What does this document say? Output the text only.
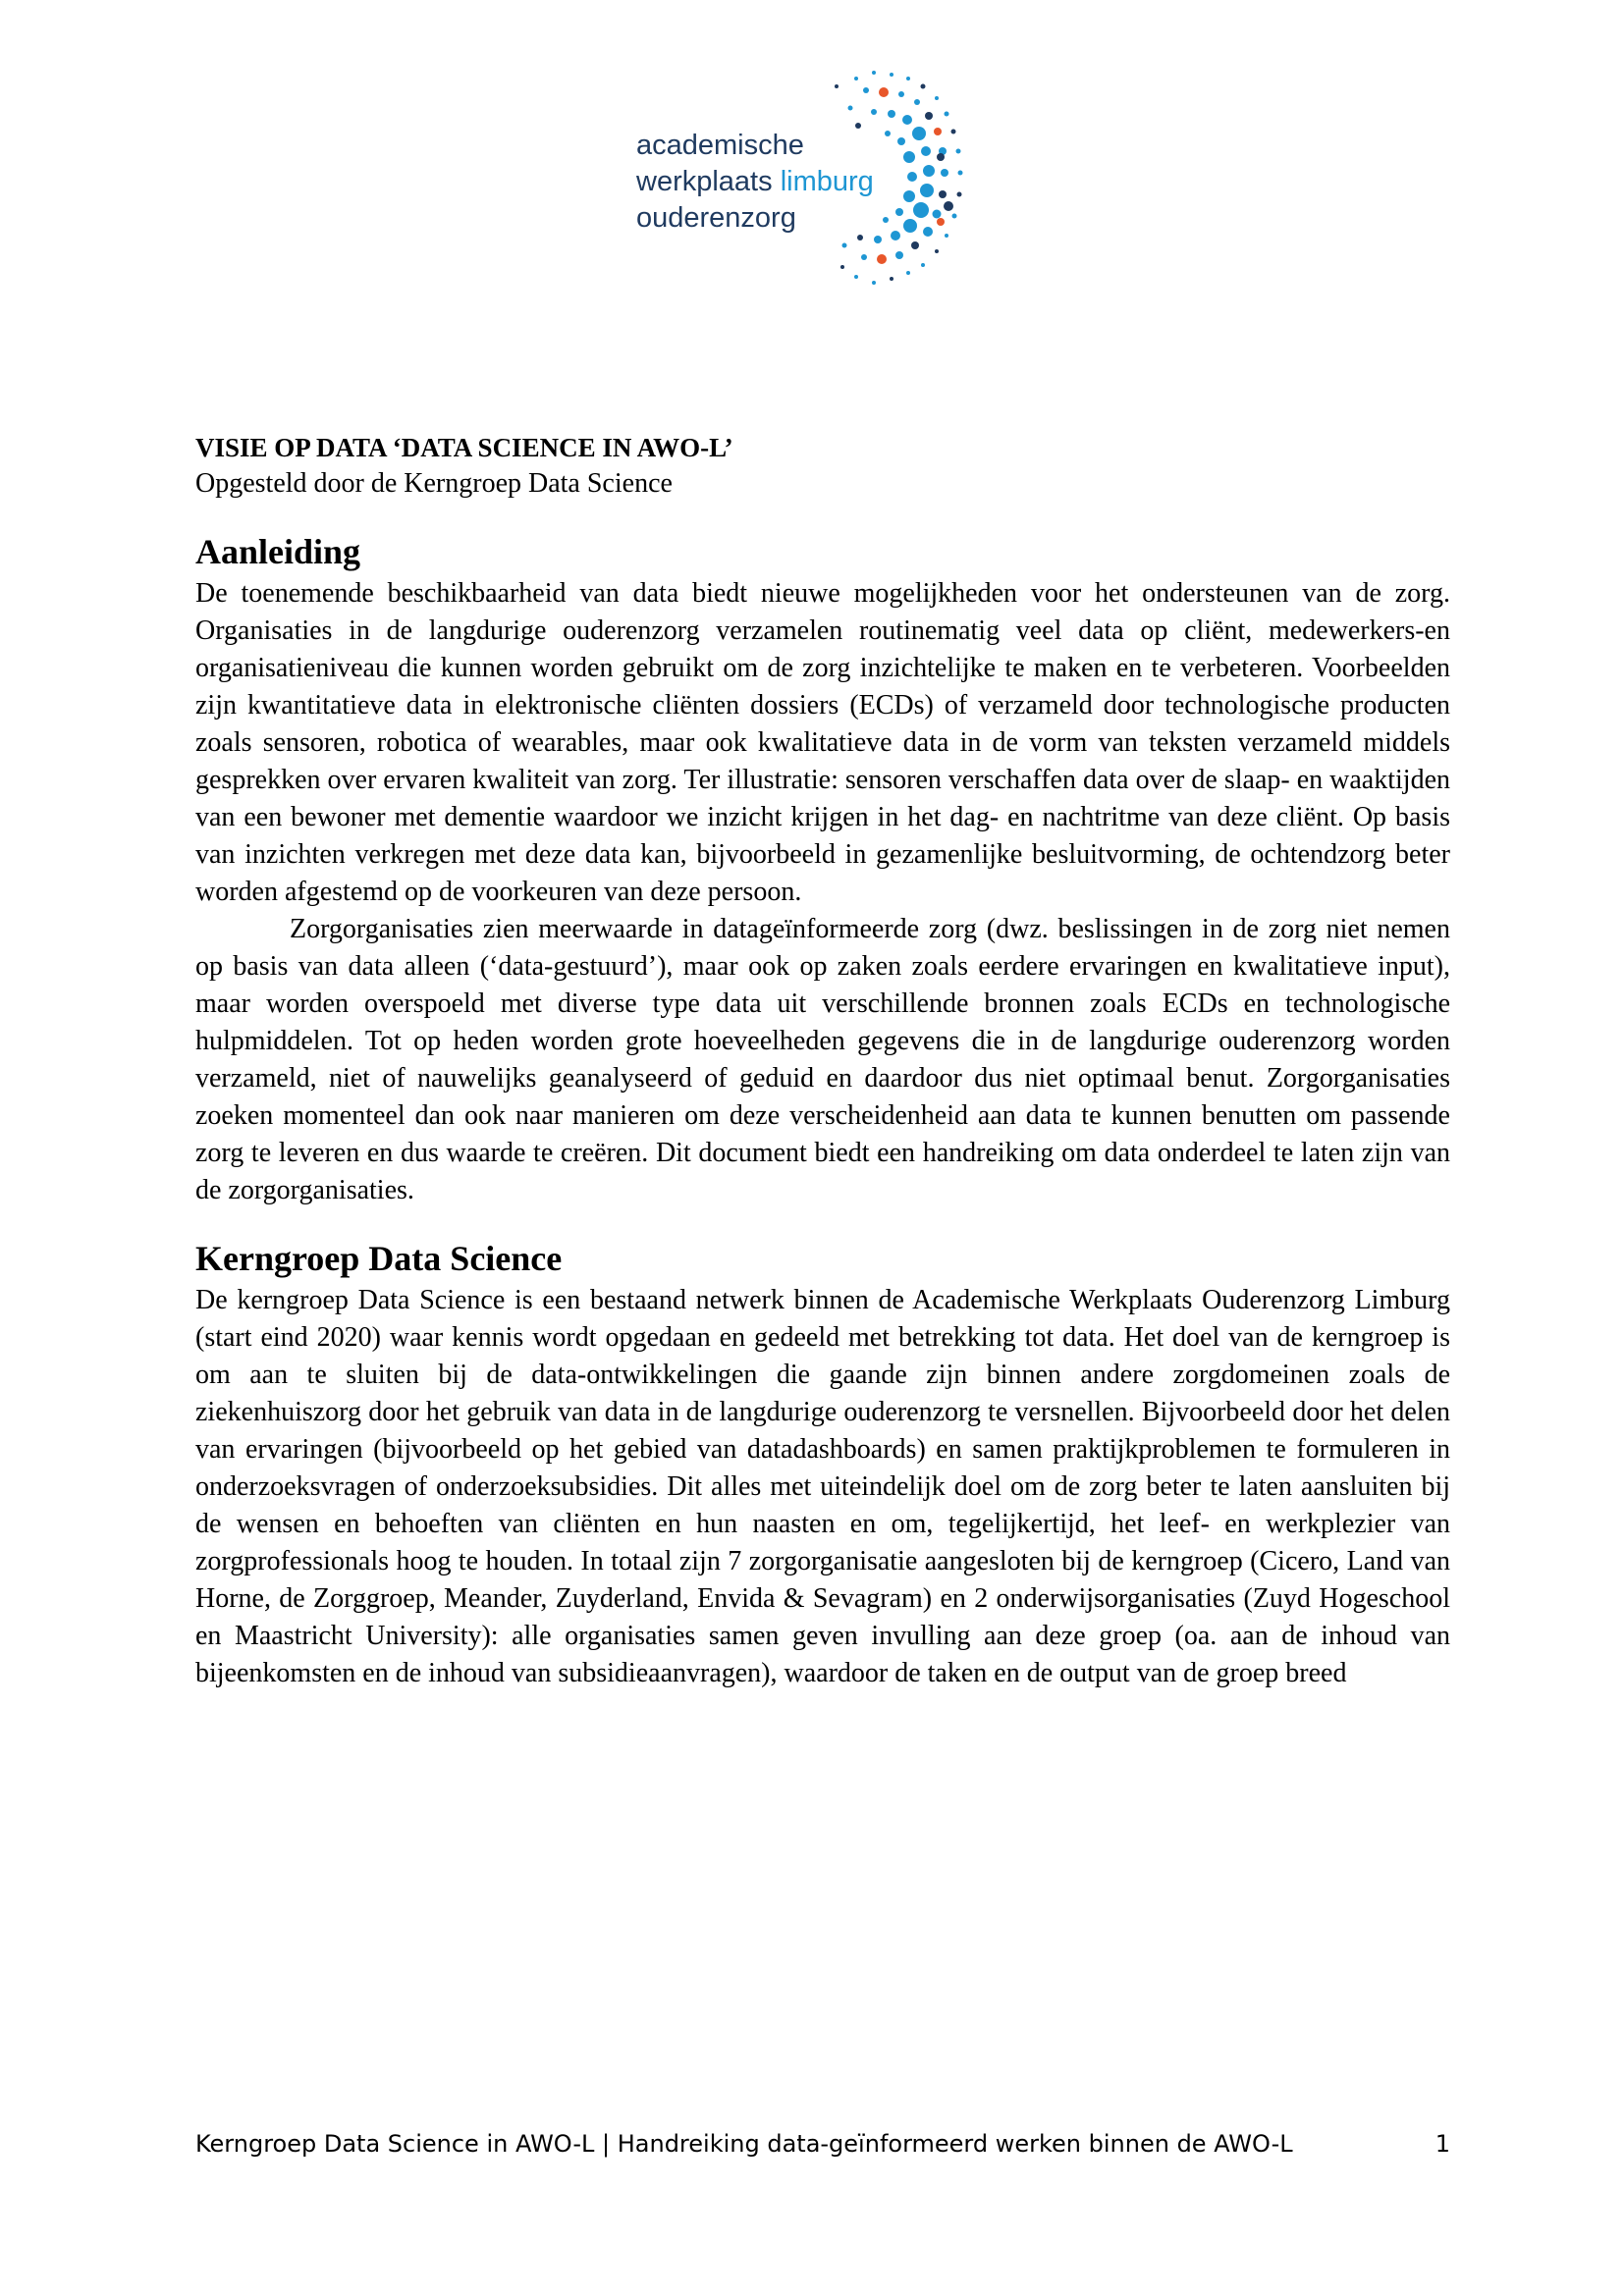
academische
werkplaats limburg
ouderenzorg

VISIE OP DATA ‘DATA SCIENCE IN AWO-L’

Opgesteld door de Kerngroep Data Science

Aanleiding

De toenemende beschikbaarheid van data biedt nieuwe mogelijkheden voor het ondersteunen van de zorg. Organisaties in de langdurige ouderenzorg verzamelen routinematig veel data op cliënt, medewerkers-en organisatieniveau die kunnen worden gebruikt om de zorg inzichtelijke te maken en te verbeteren. Voorbeelden zijn kwantitatieve data in elektronische cliënten dossiers (ECDs) of verzameld door technologische producten zoals sensoren, robotica of wearables, maar ook kwalitatieve data in de vorm van teksten verzameld middels gesprekken over ervaren kwaliteit van zorg. Ter illustratie: sensoren verschaffen data over de slaap- en waaktijden van een bewoner met dementie waardoor we inzicht krijgen in het dag- en nachtritme van deze cliënt. Op basis van inzichten verkregen met deze data kan, bijvoorbeeld in gezamenlijke besluitvorming, de ochtendzorg beter worden afgestemd op de voorkeuren van deze persoon.

Zorgorganisaties zien meerwaarde in datageïnformeerde zorg (dwz. beslissingen in de zorg niet nemen op basis van data alleen (‘data-gestuurd’), maar ook op zaken zoals eerdere ervaringen en kwalitatieve input), maar worden overspoeld met diverse type data uit verschillende bronnen zoals ECDs en technologische hulpmiddelen. Tot op heden worden grote hoeveelheden gegevens die in de langdurige ouderenzorg worden verzameld, niet of nauwelijks geanalyseerd of geduid en daardoor dus niet optimaal benut. Zorgorganisaties zoeken momenteel dan ook naar manieren om deze verscheidenheid aan data te kunnen benutten om passende zorg te leveren en dus waarde te creëren. Dit document biedt een handreiking om data onderdeel te laten zijn van de zorgorganisaties.

Kerngroep Data Science

De kerngroep Data Science is een bestaand netwerk binnen de Academische Werkplaats Ouderenzorg Limburg (start eind 2020) waar kennis wordt opgedaan en gedeeld met betrekking tot data. Het doel van de kerngroep is om aan te sluiten bij de data-ontwikkelingen die gaande zijn binnen andere zorgdomeinen zoals de ziekenhuiszorg door het gebruik van data in de langdurige ouderenzorg te versnellen. Bijvoorbeeld door het delen van ervaringen (bijvoorbeeld op het gebied van datadashboards) en samen praktijkproblemen te formuleren in onderzoeksvragen of onderzoeksubsidies. Dit alles met uiteindelijk doel om de zorg beter te laten aansluiten bij de wensen en behoeften van cliënten en hun naasten en om, tegelijkertijd, het leef- en werkplezier van zorgprofessionals hoog te houden. In totaal zijn 7 zorgorganisatie aangesloten bij de kerngroep (Cicero, Land van Horne, de Zorggroep, Meander, Zuyderland, Envida & Sevagram) en 2 onderwijsorganisaties (Zuyd Hogeschool en Maastricht University): alle organisaties samen geven invulling aan deze groep (oa. aan de inhoud van bijeenkomsten en de inhoud van subsidieaanvragen), waardoor de taken en de output van de groep breed

Kerngroep Data Science in AWO-L | Handreiking data-geïnformeerd werken binnen de AWO-L	1
